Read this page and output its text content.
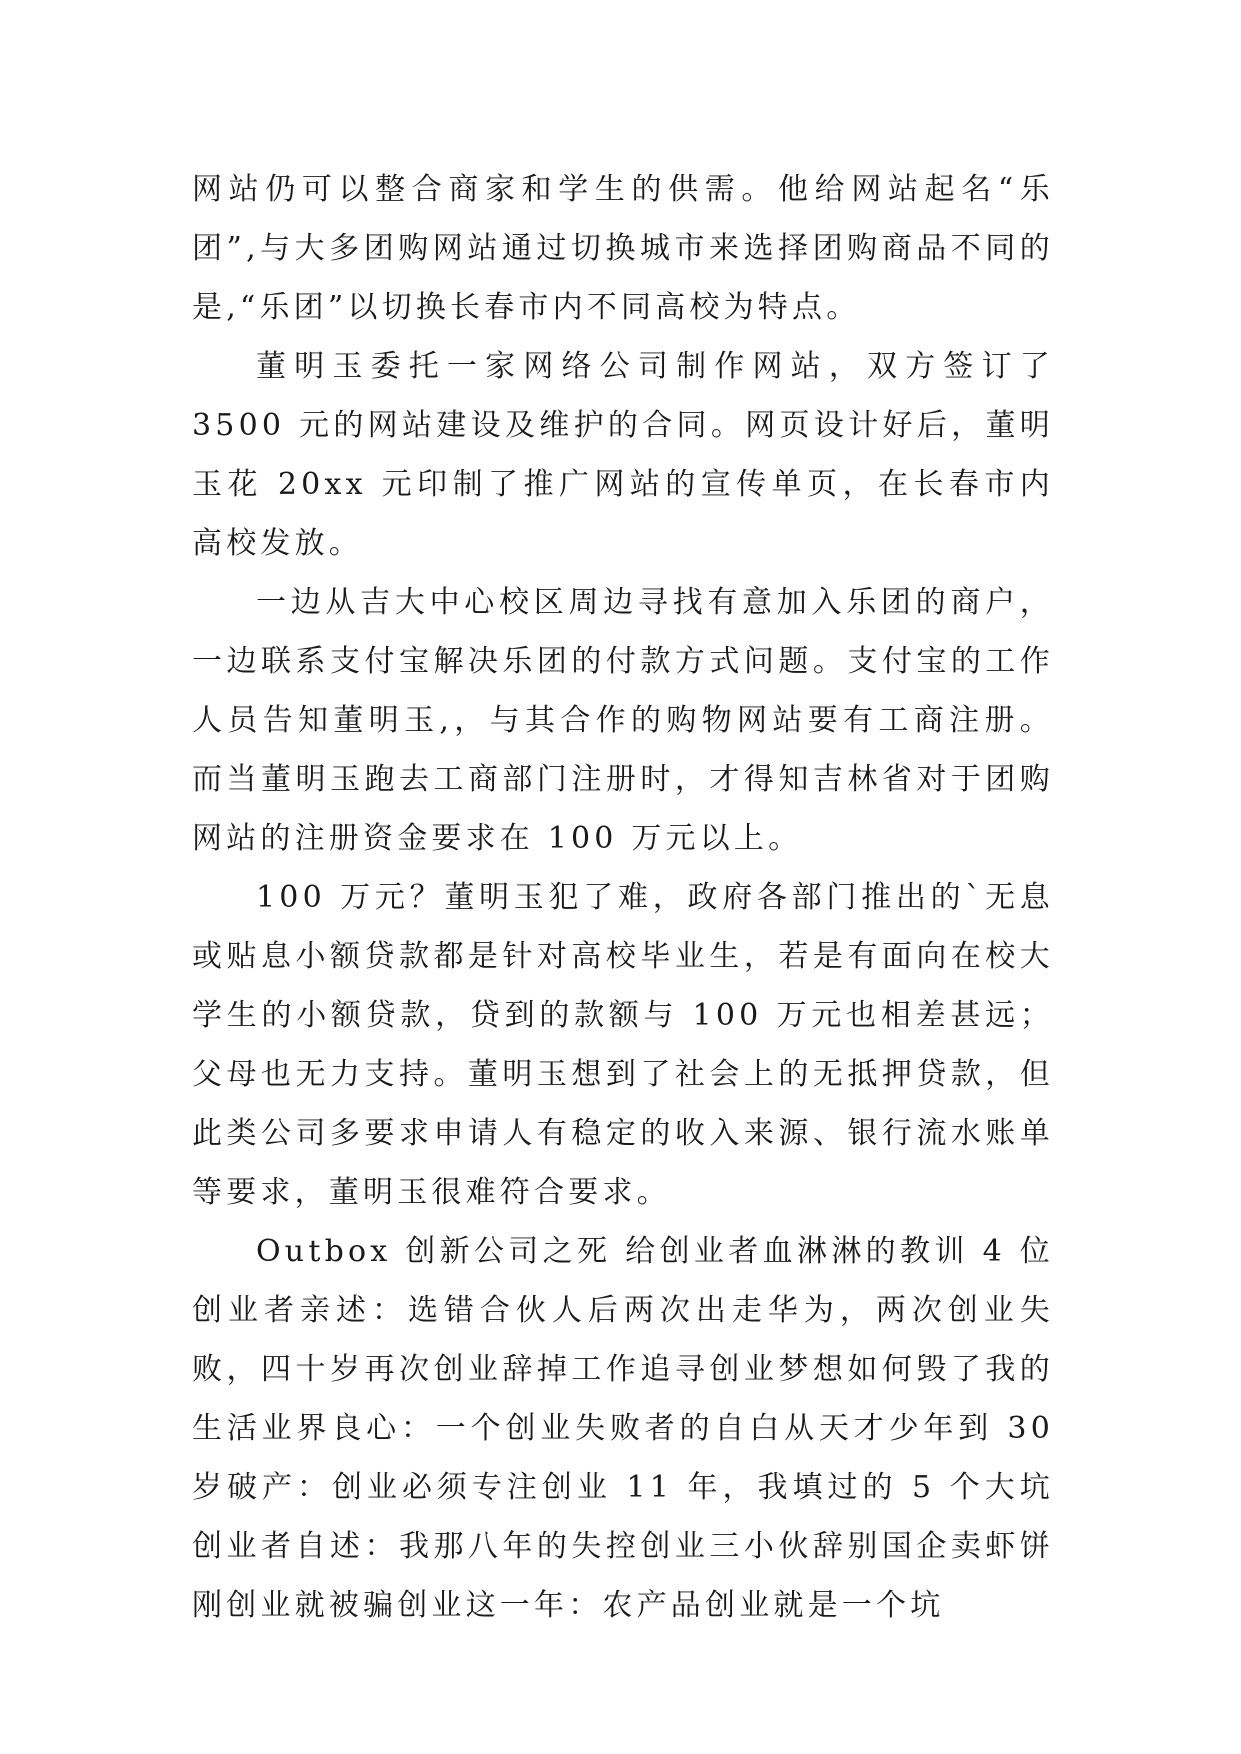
网站仍可以整合商家和学生的供需。他给网站起名“乐团”,与大多团购网站通过切换城市来选择团购商品不同的是,“乐团”以切换长春市内不同高校为特点。

董明玉委托一家网络公司制作网站，双方签订了 3500 元的网站建设及维护的合同。网页设计好后，董明玉花 20xx 元印制了推广网站的宣传单页，在长春市内高校发放。

一边从吉大中心校区周边寻找有意加入乐团的商户，一边联系支付宝解决乐团的付款方式问题。支付宝的工作人员告知董明玉,，与其合作的购物网站要有工商注册。而当董明玉跑去工商部门注册时，才得知吉林省对于团购网站的注册资金要求在 100 万元以上。

100 万元？董明玉犯了难，政府各部门推出的`无息或贴息小额贷款都是针对高校毕业生，若是有面向在校大学生的小额贷款，贷到的款额与 100 万元也相差甚远；父母也无力支持。董明玉想到了社会上的无抵押贷款，但此类公司多要求申请人有稳定的收入来源、银行流水账单等要求，董明玉很难符合要求。

Outbox 创新公司之死 给创业者血淋淋的教训 4 位创业者亲述：选错合伙人后两次出走华为，两次创业失败，四十岁再次创业辞掉工作追寻创业梦想如何毁了我的生活业界良心：一个创业失败者的自白从天才少年到 30 岁破产：创业必须专注创业 11 年，我填过的 5 个大坑创业者自述：我那八年的失控创业三小伙辞别国企卖虾饼 刚创业就被骗创业这一年：农产品创业就是一个坑
